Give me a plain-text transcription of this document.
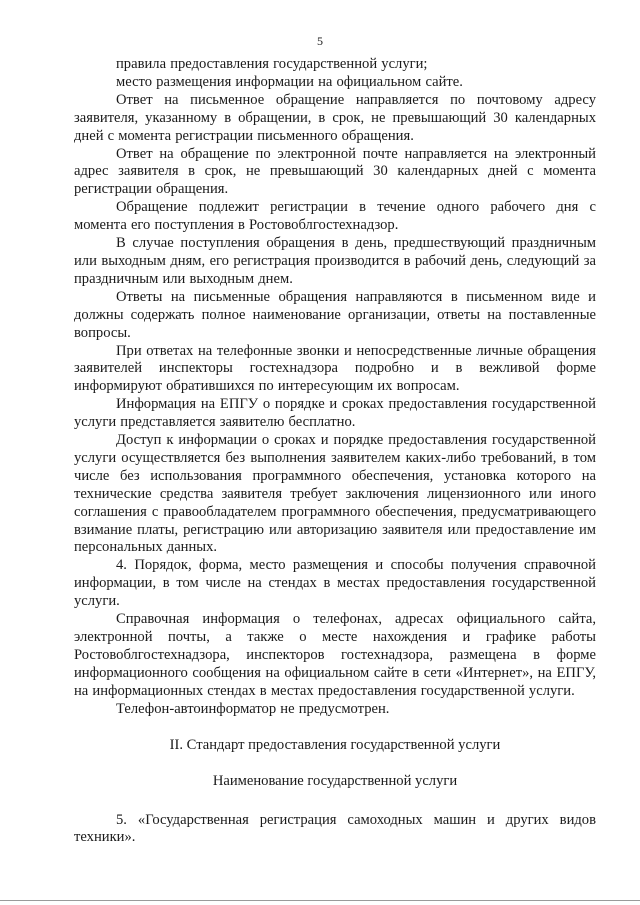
5

правила предоставления государственной услуги;

место размещения информации на официальном сайте.

Ответ на письменное обращение направляется по почтовому адресу заявителя, указанному в обращении, в срок, не превышающий 30 календарных дней с момента регистрации письменного обращения.

Ответ на обращение по электронной почте направляется на электронный адрес заявителя в срок, не превышающий 30 календарных дней с момента регистрации обращения.

Обращение подлежит регистрации в течение одного рабочего дня с момента его поступления в Ростовоблгостехнадзор.

В случае поступления обращения в день, предшествующий праздничным или выходным дням, его регистрация производится в рабочий день, следующий за праздничным или выходным днем.

Ответы на письменные обращения направляются в письменном виде и должны содержать полное наименование организации, ответы на поставленные вопросы.

При ответах на телефонные звонки и непосредственные личные обращения заявителей инспекторы гостехнадзора подробно и в вежливой форме информируют обратившихся по интересующим их вопросам.

Информация на ЕПГУ о порядке и сроках предоставления государственной услуги представляется заявителю бесплатно.

Доступ к информации о сроках и порядке предоставления государственной услуги осуществляется без выполнения заявителем каких-либо требований, в том числе без использования программного обеспечения, установка которого на технические средства заявителя требует заключения лицензионного или иного соглашения с правообладателем программного обеспечения, предусматривающего взимание платы, регистрацию или авторизацию заявителя или предоставление им персональных данных.

4. Порядок, форма, место размещения и способы получения справочной информации, в том числе на стендах в местах предоставления государственной услуги.

Справочная информация о телефонах, адресах официального сайта, электронной почты, а также о месте нахождения и графике работы Ростовоблгостехнадзора, инспекторов гостехнадзора, размещена в форме информационного сообщения на официальном сайте в сети «Интернет», на ЕПГУ, на информационных стендах в местах предоставления государственной услуги.

Телефон-автоинформатор не предусмотрен.

II. Стандарт предоставления государственной услуги

Наименование государственной услуги

5. «Государственная регистрация самоходных машин и других видов техники».
